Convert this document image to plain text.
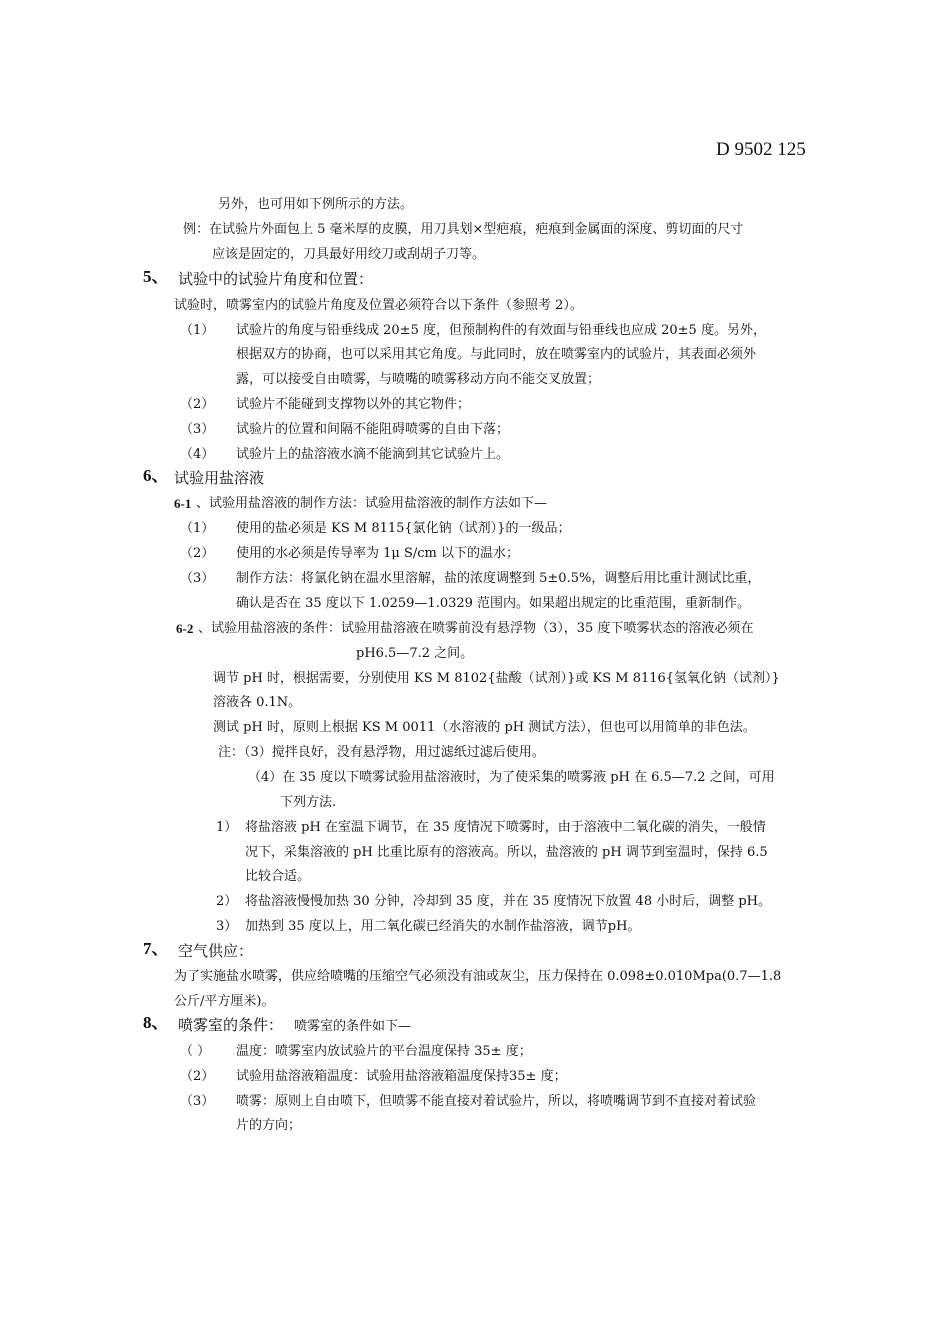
D 9502 125
另外，也可用如下例所示的方法。
例：在试验片外面包上 5 毫米厚的皮膜，用刀具划×型疤痕，疤痕到金属面的深度、剪切面的尺寸
应该是固定的，刀具最好用绞刀或刮胡子刀等。
5、 试验中的试验片角度和位置：
试验时，喷雾室内的试验片角度及位置必须符合以下条件（参照考 2）。
（1） 试验片的角度与铅垂线成 20±5 度，但预制构件的有效面与铅垂线也应成 20±5 度。另外，
根据双方的协商，也可以采用其它角度。与此同时，放在喷雾室内的试验片，其表面必须外
露，可以接受自由喷雾，与喷嘴的喷雾移动方向不能交叉放置；
（2） 试验片不能碰到支撑物以外的其它物件；
（3） 试验片的位置和间隔不能阻碍喷雾的自由下落；
（4） 试验片上的盐溶液水滴不能滴到其它试验片上。
6、 试验用盐溶液
6-1 、试验用盐溶液的制作方法：试验用盐溶液的制作方法如下—
（1） 使用的盐必须是 KS M 8115{氯化钠（试剂）}的一级品；
（2） 使用的水必须是传导率为 1μ S/cm 以下的温水；
（3） 制作方法：将氯化钠在温水里溶解，盐的浓度调整到 5±0.5%，调整后用比重计测试比重，
确认是否在 35 度以下 1.0259—1.0329 范围内。如果超出规定的比重范围，重新制作。
6-2 、试验用盐溶液的条件：试验用盐溶液在喷雾前没有悬浮物（3），35 度下喷雾状态的溶液必须在
pH6.5—7.2 之间。
调节 pH 时，根据需要，分别使用 KS M 8102{盐酸（试剂）}或 KS M 8116{氢氧化钠（试剂）}
溶液各 0.1N。
测试 pH 时，原则上根据 KS M 0011（水溶液的 pH 测试方法），但也可以用简单的非色法。
注：（3）搅拌良好，没有悬浮物，用过滤纸过滤后使用。
（4）在 35 度以下喷雾试验用盐溶液时，为了使采集的喷雾液 pH 在 6.5—7.2 之间，可用
下列方法.
1） 将盐溶液 pH 在室温下调节，在 35 度情况下喷雾时，由于溶液中二氧化碳的消失，一般情
况下，采集溶液的 pH 比重比原有的溶液高。所以，盐溶液的 pH 调节到室温时，保持 6.5
比较合适。
2） 将盐溶液慢慢加热 30 分钟，冷却到 35 度，并在 35 度情况下放置 48 小时后，调整 pH。
3） 加热到 35 度以上，用二氧化碳已经消失的水制作盐溶液，调节pH。
7、 空气供应：
为了实施盐水喷雾，供应给喷嘴的压缩空气必须没有油或灰尘，压力保持在 0.098±0.010Mpa(0.7—1.8
公斤/平方厘米)。
8、 喷雾室的条件： 喷雾室的条件如下—
（ ） 温度：喷雾室内放试验片的平台温度保持 35± 度；
（2） 试验用盐溶液箱温度：试验用盐溶液箱温度保持35± 度；
（3） 喷雾：原则上自由喷下，但喷雾不能直接对着试验片，所以，将喷嘴调节到不直接对着试验
片的方向；
